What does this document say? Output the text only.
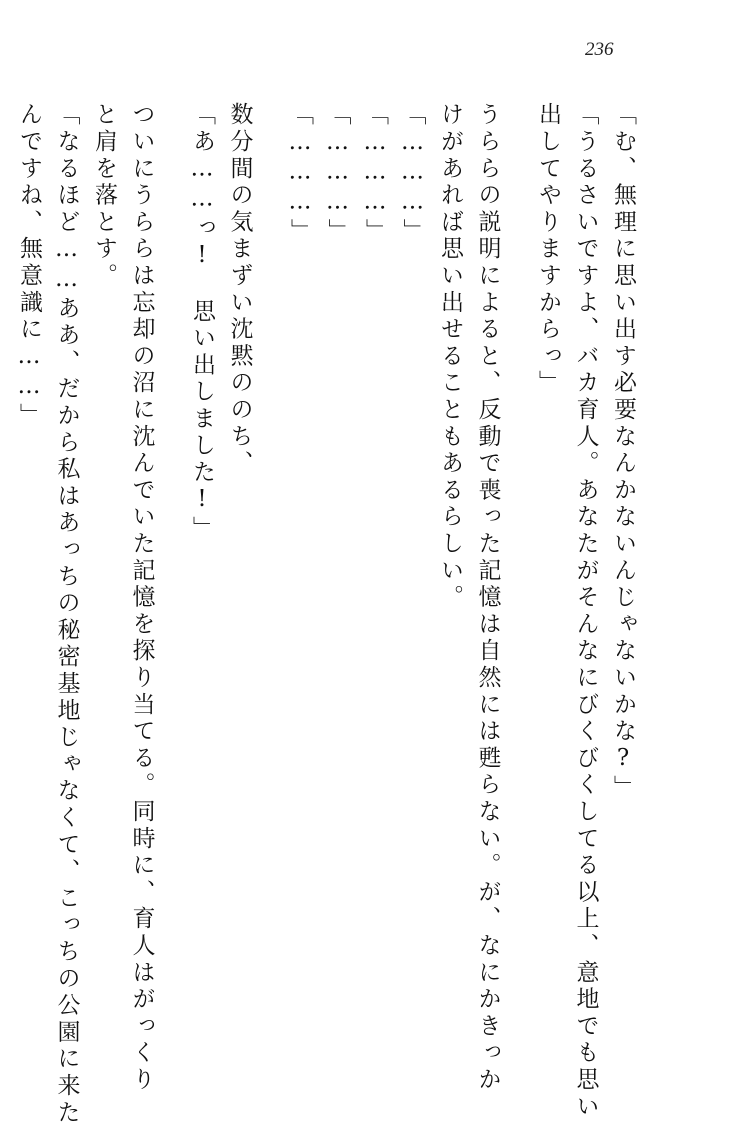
236
「む、無理に思い出す必要なんかないんじゃないかな?」
「うるさいですよ、バカ育人。あなたがそんなにびくびくしてる以上、意地でも思い
出してやりますからっ」
うららの説明によると、反動で喪った記憶は自然には甦らない。が、なにかきっか
けがあれば思い出せることもあるらしい。
「………」
「………」
「………」
「………」
数分間の気まずい沈黙ののち、
「あ……っ!　思い出しました!」
ついにうららは忘却の沼に沈んでいた記憶を探り当てる。同時に、育人はがっくり
と肩を落とす。
「なるほど……ああ、だから私はあっちの秘密基地じゃなくて、こっちの公園に来た
んですね、無意識に……」
